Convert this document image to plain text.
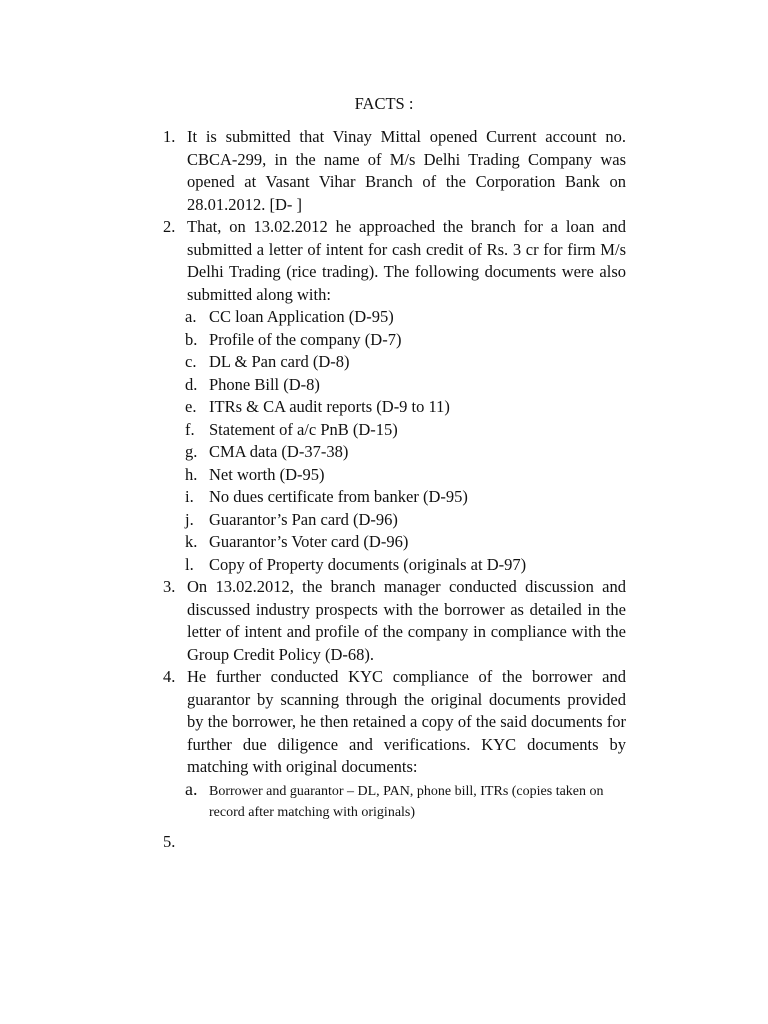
FACTS :
1. It is submitted that Vinay Mittal opened Current account no. CBCA-299, in the name of M/s Delhi Trading Company was opened at Vasant Vihar Branch of the Corporation Bank on 28.01.2012. [D- ]
2. That, on 13.02.2012 he approached the branch for a loan and submitted a letter of intent for cash credit of Rs. 3 cr for firm M/s Delhi Trading (rice trading). The following documents were also submitted along with:
a. CC loan Application (D-95)
b. Profile of the company (D-7)
c. DL & Pan card (D-8)
d. Phone Bill (D-8)
e. ITRs & CA audit reports (D-9 to 11)
f. Statement of a/c PnB (D-15)
g. CMA data (D-37-38)
h. Net worth (D-95)
i. No dues certificate from banker (D-95)
j. Guarantor’s Pan card (D-96)
k. Guarantor’s Voter card (D-96)
l. Copy of Property documents (originals at D-97)
3. On 13.02.2012, the branch manager conducted discussion and discussed industry prospects with the borrower as detailed in the letter of intent and profile of the company in compliance with the Group Credit Policy (D-68).
4. He further conducted KYC compliance of the borrower and guarantor by scanning through the original documents provided by the borrower, he then retained a copy of the said documents for further due diligence and verifications. KYC documents by matching with original documents:
a. Borrower and guarantor – DL, PAN, phone bill, ITRs (copies taken on record after matching with originals)
5.
